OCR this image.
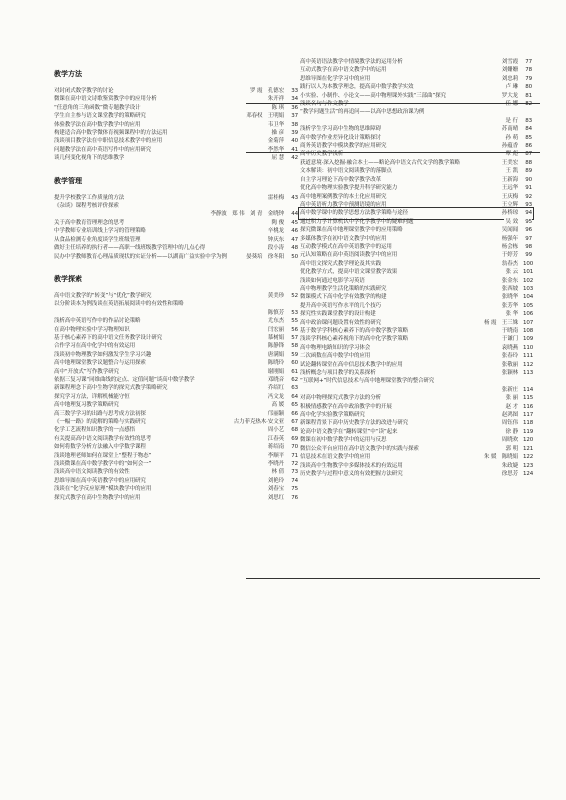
教学方法
对封闭式数学教学的讨论	罗 霞　孔德宏 33
微课在高中语文诗歌鉴赏教学中的应用分析	朱开祥 34
“任意角的三角函数”微专题教学设计	陈 琪 36
学生自主参与语文课堂教学的策略研究	邓春权　王明娟 37
体验教学法在高中数学教学中的应用	韦卫华 38
构建适合高中数学微体育视频课程中的方法运用	操 彦 39
浅谈项目教学法在中职信息技术教学中的应用	金菊萍 40
问题教学法在高中英语写作中的应用研究	李然华 41
谈几何变化视角下的思维教学	屈 慧 42
教学管理
提升学校教学工作质量的方法	雷桂梅 43
《杂谈》课程考核评价探索

李静波　郑 伟　刘 青　金晓钟 44
关于高中教育管理理念的思考	陶 俊 45
中学教师专业培训线上学习的管理策略	辛桃龙 46
从食品检测专业角度谈学生班级管理	钟庆东 47
做好主任培养的执行者——高职一线班级教学管理中的几点心得	段小涛 48
民办中学教师教育心理品质现状的实证分析——以湖南广益实验中学为例	晏葵培　徐冬阳 50
教学探索
高中语文教学的“转变”与“优化”教学研究	黄美珍 52
以分阶读本为例浅谈在英语拓展阅读中的有效性和策略

陈慎芳 53
浅析高中英语写作中的作品讨论策略	尤东杰 55
在高中物理实验中学习物理知识	闫宏丽 56
基于核心素养下的高中语文任务教学设计研究	慕树娟 57
合作学习在高中化学中的有效运用	陈静锋 58
浅谈初中物理教学如何激发学生学习兴趣	唐满娟 59
高中地理课堂教学议题整合与运用探索	陈晓玲 60
高中“开放式”写作教学研究	谢刚娟 61
依据三复习课“同维曲线的定点、定值问题”谈高中数学教学	邓晓音 62
新课程理念下高中生物学的探究式教学策略研究	乔绍红 63
探究学习方法，详解机械能守恒	冯文龙 64
高中地理复习教学策略研究	高 媛 65
高三数学学习的出路与思考成方法初探	邝丽颖 66
《一幅一路》的说解的策略与实践研究	古力菲克热木·安文亚 67
化学工艺流程知识教学的一点感悟	周小艺 68
有关提高高中语文阅读教学有效性的思考	江春英 69
如何将数学分析方法融入中学数学课程	蒋绍南 70
浅谈地理老师如何在课堂上“整程于物态”	李顺平 71
浅谈微课在高中数学教学中的“如何会一”	李晓丹 72
浅谈高中语文阅读教学的有效性	林 倩 73
思维导图在高中英语教学中的应用研究	刘艳玲 74
浅谈在“化学反应原理”模块教学中的应用	刘春宝 75
探究式教学在高中生物教学中的应用	刘思红 76
高中英语语法教学中情境教学法的运用分析	刘雪霞 77
互动式教学在高中语文教学中的运用	刘姗姗 78
思维导图在化学学习中的应用	刘忠莉 79
践行以人为本教学理念，提高高中数学教学实效	卢 琳 80
小实验、小制作、小论文——高中物理课外实践“三部曲”探究	罗大龙 81
浅谈名句与作文教学	任 娜 82
“教学问题生活”的再追问——以高中思想政治课为例

是 行 83
浅析学生学习高中生物的思维障碍	苏南晴 84
高中数学作业差异化设计策略探讨	孙 萌 85
商务英语教学中模块教学的应用研究	孙蕴香 86
高中历史教学浅析	覃 彪 87
获道意境·深入挖掘·融合本土——略论高中语文古代文学的教学策略	王美宏 88
文本解读：初中语文阅读教学的落脚点	王 凯 89
自主学习理论下高中数学教学改革	王新海 90
优化高中物理实验教学提升科学研究能力	王远华 91
高中地理案例教学的本土化应用研究	王庆梅 92
高中英语听力教学中预测语境的应用	王立辉 93
高中数学课中的数学思想方法教学策略与途径	孙桥琼 94
通过积力学计算机认中学化学教学中的疑难问题	吴 效 95
探究微课在高中地理课堂教学中的应用策略	吴闻闻 96
多媒体教学在初中语文教学中的应用	杨强年 97
互动教学模式在高中英语教学中的运用	杨会栋 98
元认知策略在高中英语阅读教学中的应用	于婷芳 99
高中语文探究式教学理论及其实践	翁春杰 100
优化教学方式，提高中语文课堂教学效果	张 云 101
浅谈如何通过电影学习英语	张金东 102
高中物理教学生活化策略的实践研究	张西坡 103
微课模式下高中化学有效教学的构建	张晓华 104
提升高中英语写作水平的几个技巧	张芳华 105
探究性实践课堂教学的设计构建	张 华 106
高中政治课问题设置有效性的研究	杨 霞　王三姝 107
基于数学学科核心素养下的高中数学教学策略	于晓南 108
浅谈学科核心素养视角下的高中化学教学策略	于谦门 109
高中物理电路知识的学习体会	袁晓燕 110
二次函数在高中数学中的应用	张春玲 111
试论翻转课堂在高中信息技术教学中的应用	张敬丽 112
浅析概念与项目教学的关系探析	张颖林 113
“互联网+”时代信息技术与高中地理课堂教学的整合研究

张新庄 114
对高中物理探究式教学方法的分析	张 丽 115
积极情感教学在高中政治教学中的开展	赵 才 116
高中化学实验教学策略研究	赵鸿图 117
新课程背景下高中历史教学方法的改进与研究	周钰伟 118
论高中语文教学在“翻转课堂”中“读”起来	徐 静 119
微课在初中数学教学中的运用与反思	周晓欢 120
微信公众平台应用在高中语文教学中的实践与探索	郭 明 121
信息技术在语文教学中的应用	朱 媛　陈晓娟 122
浅谈高中生物教学中多媒体技术的有效运用	朱政婕 123
历史教学与过程中意义的有效把握方法研究	徐思芳 124
